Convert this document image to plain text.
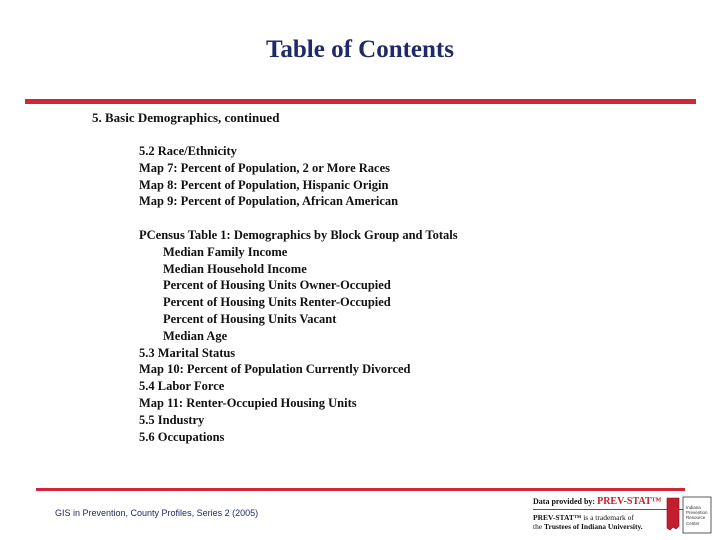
Table of Contents
5. Basic Demographics, continued
5.2 Race/Ethnicity
Map 7: Percent of Population, 2 or More Races
Map 8: Percent of Population, Hispanic Origin
Map 9: Percent of Population, African American
PCensus Table 1: Demographics by Block Group and Totals
Median Family Income
Median Household Income
Percent of Housing Units Owner-Occupied
Percent of Housing Units Renter-Occupied
Percent of Housing Units Vacant
Median Age
5.3 Marital Status
Map 10: Percent of Population Currently Divorced
5.4 Labor Force
Map 11: Renter-Occupied Housing Units
5.5 Industry
5.6 Occupations
GIS in Prevention, County Profiles, Series 2 (2005)
Data provided by: PREV-STAT™
PREV-STAT™ is a trademark of
the Trustees of Indiana University.
Indiana Prevention Resource Center
